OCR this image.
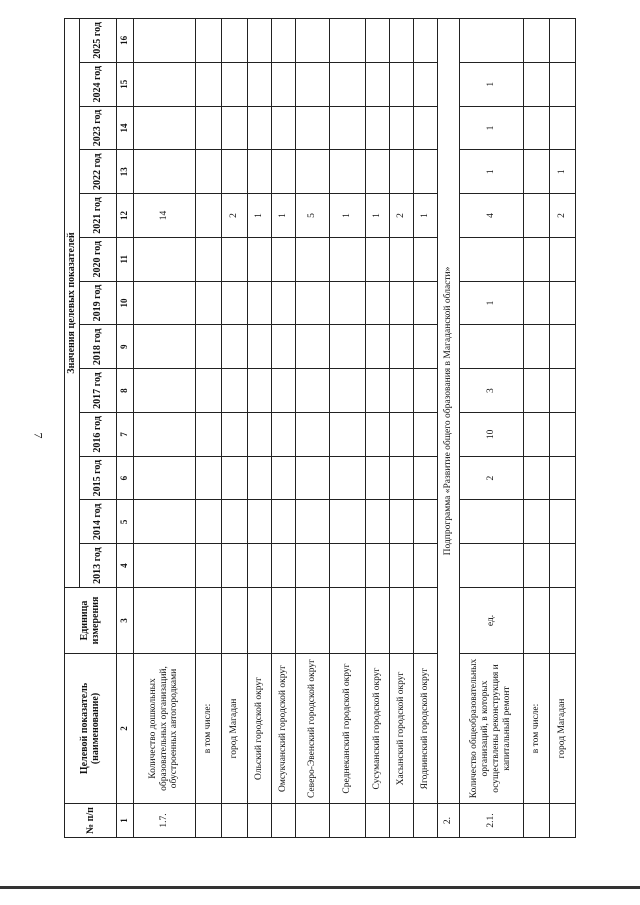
7
№ п/п	Целевой показатель (наименование)	Единица измерения	Значения целевых показателей												
			2013 год	2014 год	2015 год	2016 год	2017 год	2018 год	2019 год	2020 год	2021 год	2022 год	2023 год	2024 год	2025 год
1	2	3	4	5	6	7	8	9	10	11	12	13	14	15	16
1.7.	Количество дошкольных образовательных организаций, обустроенных автогородками										14				
	в том числе:														
	город Магадан										2				
	Ольский городской округ										1				
	Омсукчанский городской округ										1				
	Северо-Эвенский городской округ										5				
	Среднеканский городской округ										1				
	Сусуманский городской округ										1				
	Хасынский городской округ										2				
	Ягоднинский городской округ										1				
2.	Подпрограмма «Развитие общего образования в Магаданской области»														
2.1.	Количество общеобразовательных организаций, в которых осуществлены реконструкция и капитальный ремонт	ед.			2	10	3		1		4	1	1	1	
	в том числе:														
	город Магадан										2	1			
